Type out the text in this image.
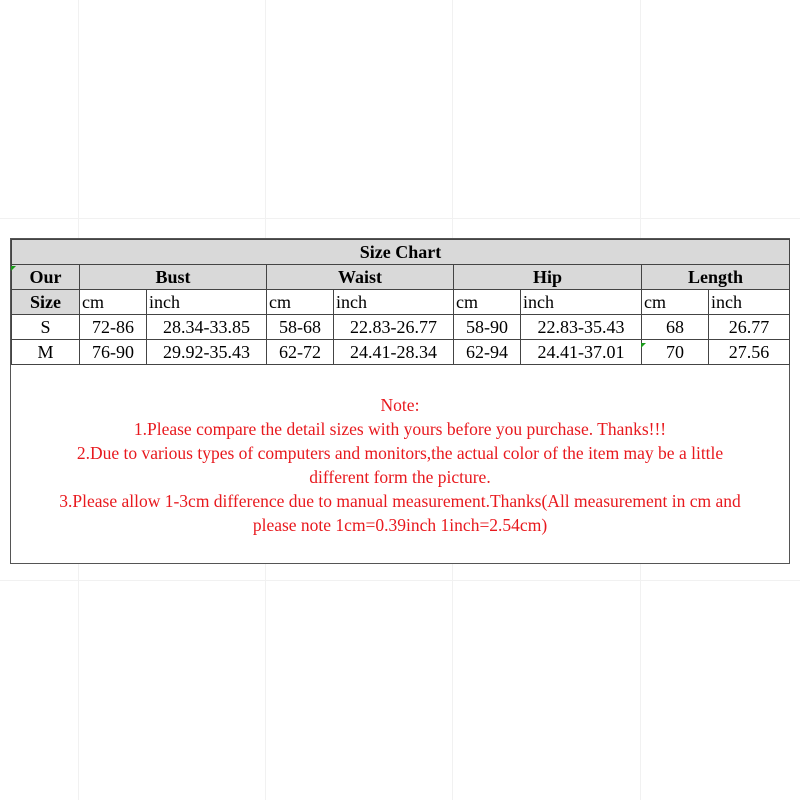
Size Chart								
Our	Bust		Waist		Hip		Length	
Size	cm	inch	cm	inch	cm	inch	cm	inch
S	72-86	28.34-33.85	58-68	22.83-26.77	58-90	22.83-35.43	68	26.77
M	76-90	29.92-35.43	62-72	24.41-28.34	62-94	24.41-37.01	70	27.56
Note:
1.Please compare the detail sizes with yours before you purchase. Thanks!!!
2.Due to various types of computers and monitors,the actual color of the item may be a little
different form the picture.
3.Please allow 1-3cm difference due to manual measurement.Thanks(All measurement in cm and
please note 1cm=0.39inch 1inch=2.54cm)
